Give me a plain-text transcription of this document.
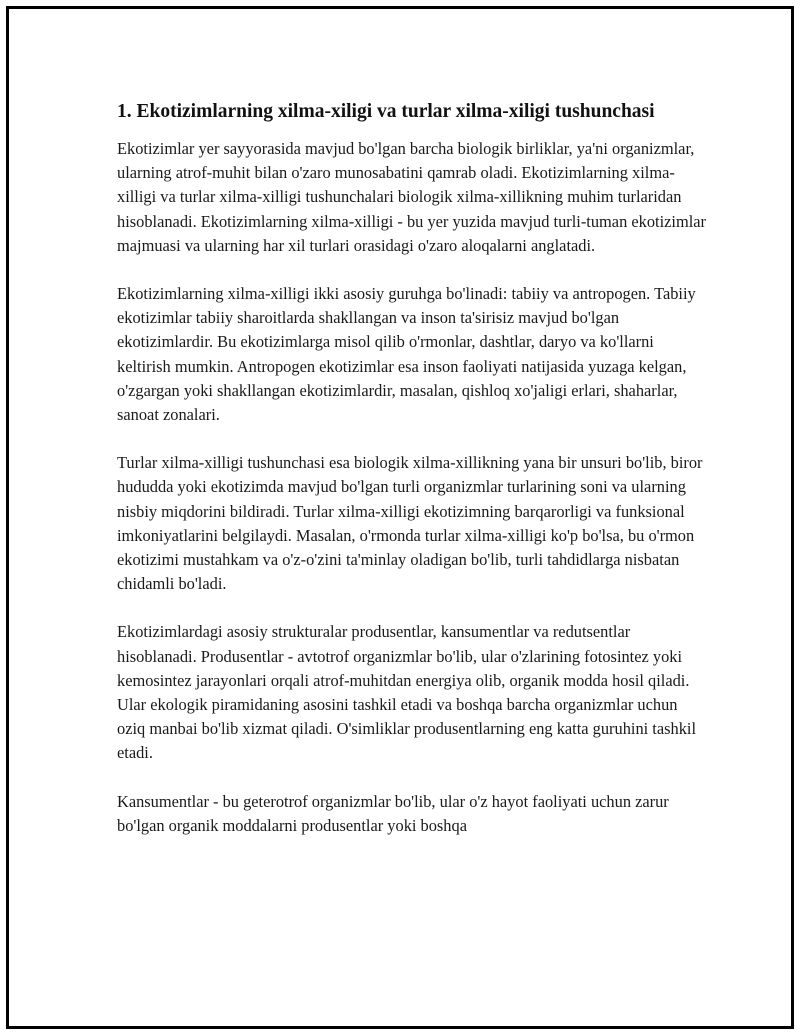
1. Ekotizimlarning xilma-xiligi va turlar xilma-xiligi tushunchasi

Ekotizimlar yer sayyorasida mavjud bo'lgan barcha biologik birliklar, ya'ni organizmlar, ularning atrof-muhit bilan o'zaro munosabatini qamrab oladi. Ekotizimlarning xilma-xilligi va turlar xilma-xilligi tushunchalari biologik xilma-xillikning muhim turlaridan hisoblanadi. Ekotizimlarning xilma-xilligi - bu yer yuzida mavjud turli-tuman ekotizimlar majmuasi va ularning har xil turlari orasidagi o'zaro aloqalarni anglatadi.

Ekotizimlarning xilma-xilligi ikki asosiy guruhga bo'linadi: tabiiy va antropogen. Tabiiy ekotizimlar tabiiy sharoitlarda shakllangan va inson ta'sirisiz mavjud bo'lgan ekotizimlardir. Bu ekotizimlarga misol qilib o'rmonlar, dashtlar, daryo va ko'llarni keltirish mumkin. Antropogen ekotizimlar esa inson faoliyati natijasida yuzaga kelgan, o'zgargan yoki shakllangan ekotizimlardir, masalan, qishloq xo'jaligi erlari, shaharlar, sanoat zonalari.

Turlar xilma-xilligi tushunchasi esa biologik xilma-xillikning yana bir unsuri bo'lib, biror hududda yoki ekotizimda mavjud bo'lgan turli organizmlar turlarining soni va ularning nisbiy miqdorini bildiradi. Turlar xilma-xilligi ekotizimning barqarorligi va funksional imkoniyatlarini belgilaydi. Masalan, o'rmonda turlar xilma-xilligi ko'p bo'lsa, bu o'rmon ekotizimi mustahkam va o'z-o'zini ta'minlay oladigan bo'lib, turli tahdidlarga nisbatan chidamli bo'ladi.

Ekotizimlardagi asosiy strukturalar produsentlar, kansumentlar va redutsentlar hisoblanadi. Produsentlar - avtotrof organizmlar bo'lib, ular o'zlarining fotosintez yoki kemosintez jarayonlari orqali atrof-muhitdan energiya olib, organik modda hosil qiladi. Ular ekologik piramidaning asosini tashkil etadi va boshqa barcha organizmlar uchun oziq manbai bo'lib xizmat qiladi. O'simliklar produsentlarning eng katta guruhini tashkil etadi.

Kansumentlar - bu geterotrof organizmlar bo'lib, ular o'z hayot faoliyati uchun zarur bo'lgan organik moddalarni produsentlar yoki boshqa
